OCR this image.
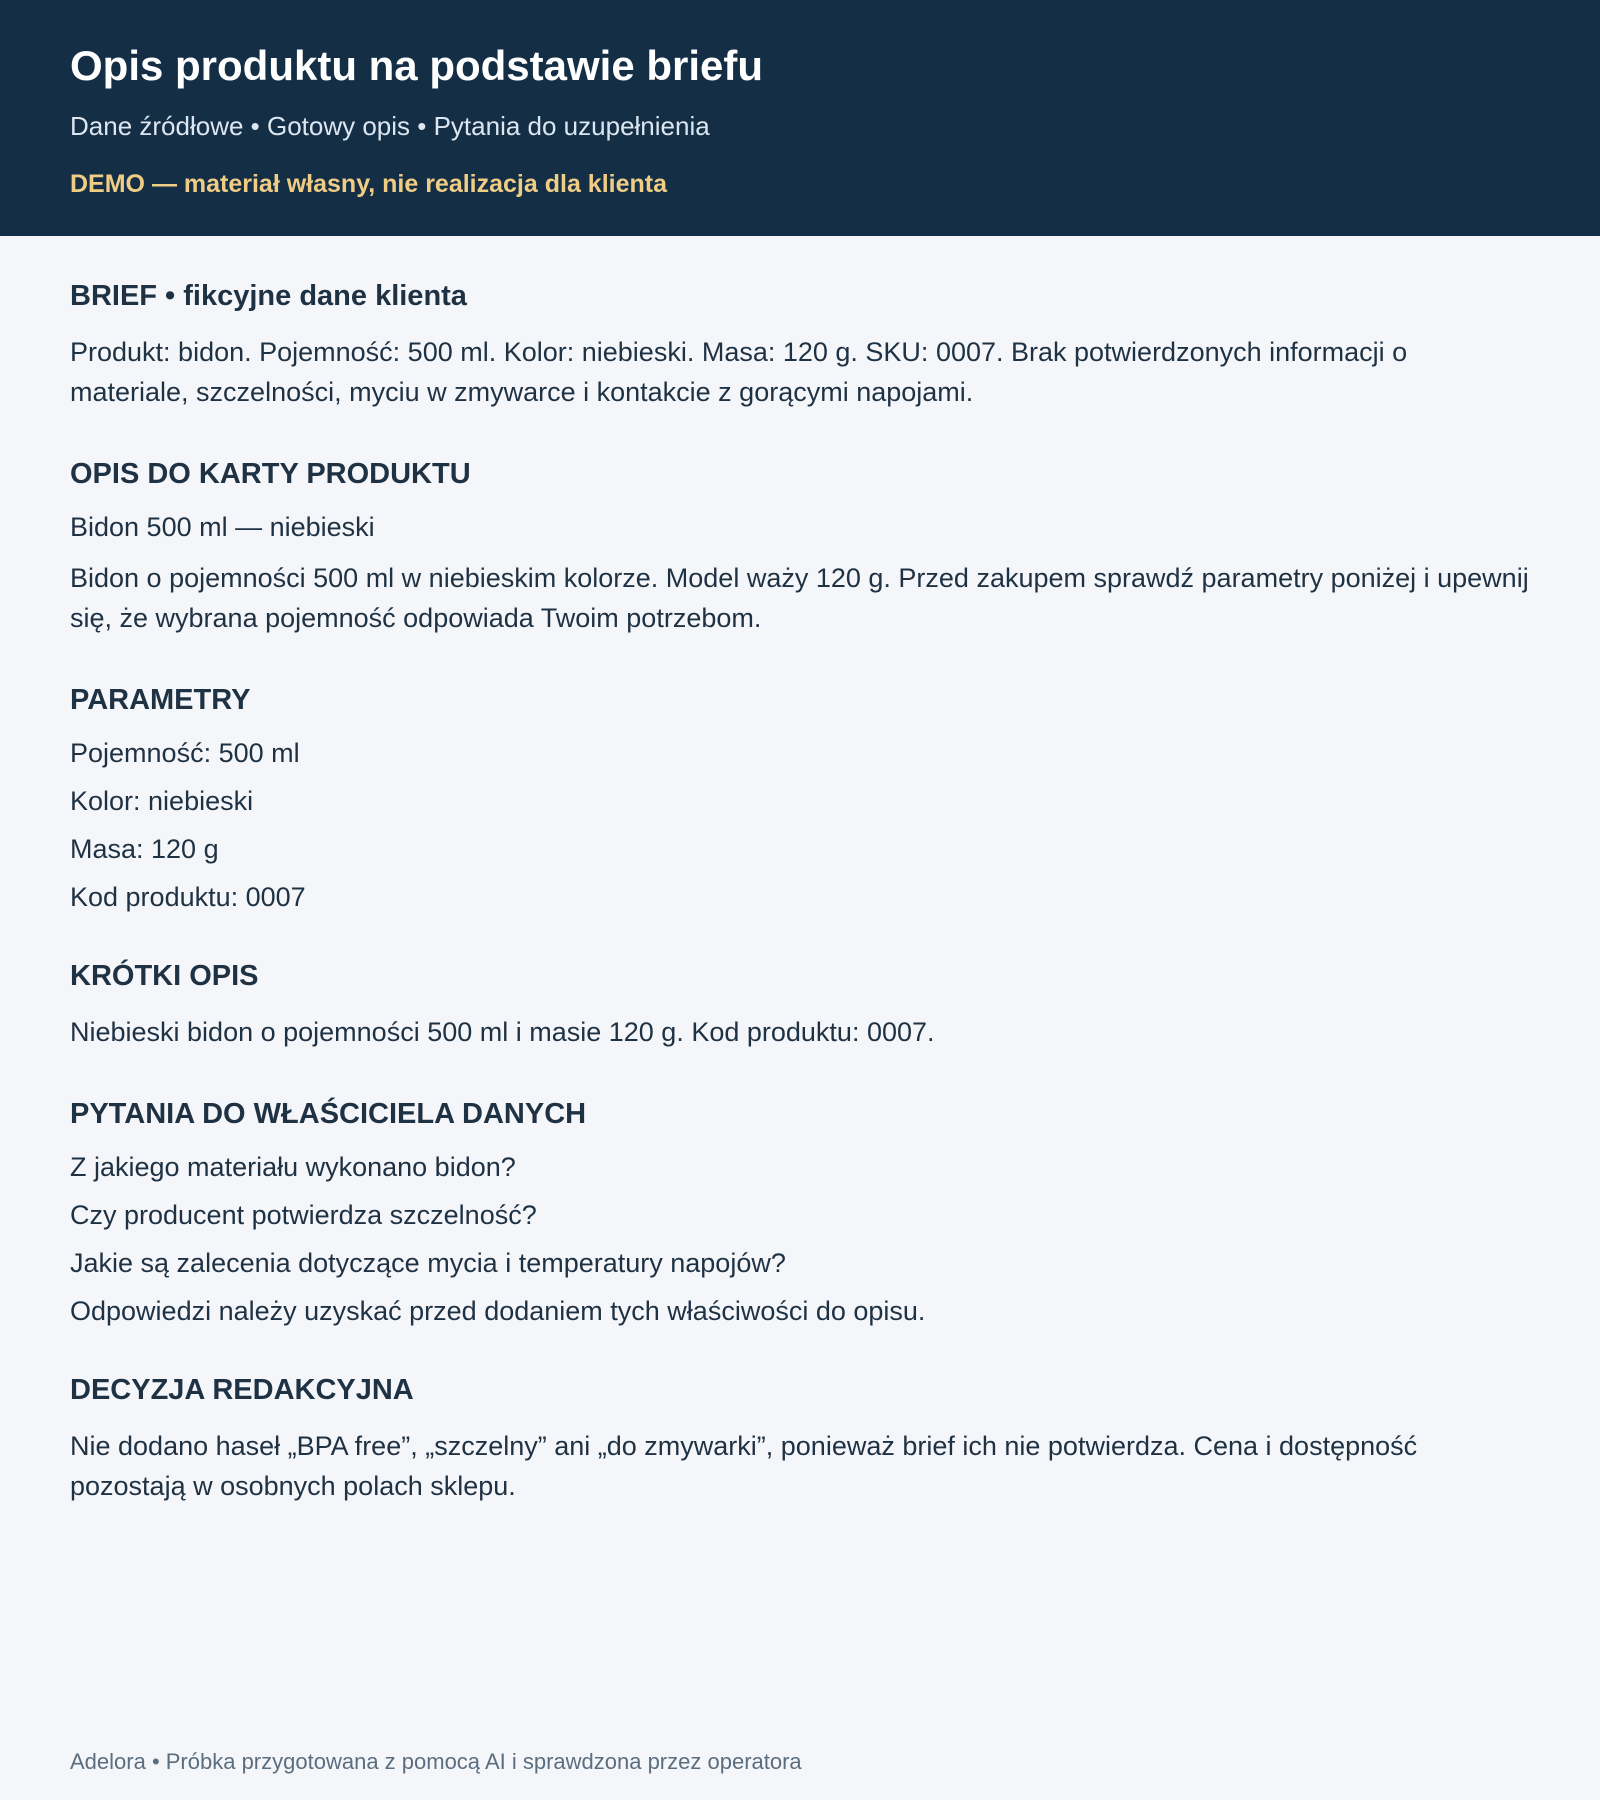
Opis produktu na podstawie briefu
Dane źródłowe • Gotowy opis • Pytania do uzupełnienia
DEMO — materiał własny, nie realizacja dla klienta
BRIEF • fikcyjne dane klienta

Produkt: bidon. Pojemność: 500 ml. Kolor: niebieski. Masa: 120 g. SKU: 0007. Brak potwierdzonych informacji o materiale, szczelności, myciu w zmywarce i kontakcie z gorącymi napojami.

OPIS DO KARTY PRODUKTU
Bidon 500 ml — niebieski

Bidon o pojemności 500 ml w niebieskim kolorze. Model waży 120 g. Przed zakupem sprawdź parametry poniżej i upewnij się, że wybrana pojemność odpowiada Twoim potrzebom.

PARAMETRY
Pojemność: 500 ml
Kolor: niebieski
Masa: 120 g
Kod produktu: 0007
KRÓTKI OPIS

Niebieski bidon o pojemności 500 ml i masie 120 g. Kod produktu: 0007.

PYTANIA DO WŁAŚCICIELA DANYCH
Z jakiego materiału wykonano bidon?
Czy producent potwierdza szczelność?
Jakie są zalecenia dotyczące mycia i temperatury napojów?
Odpowiedzi należy uzyskać przed dodaniem tych właściwości do opisu.
DECYZJA REDAKCYJNA

Nie dodano haseł „BPA free”, „szczelny” ani „do zmywarki”, ponieważ brief ich nie potwierdza. Cena i dostępność pozostają w osobnych polach sklepu.

Adelora • Próbka przygotowana z pomocą AI i sprawdzona przez operatora
